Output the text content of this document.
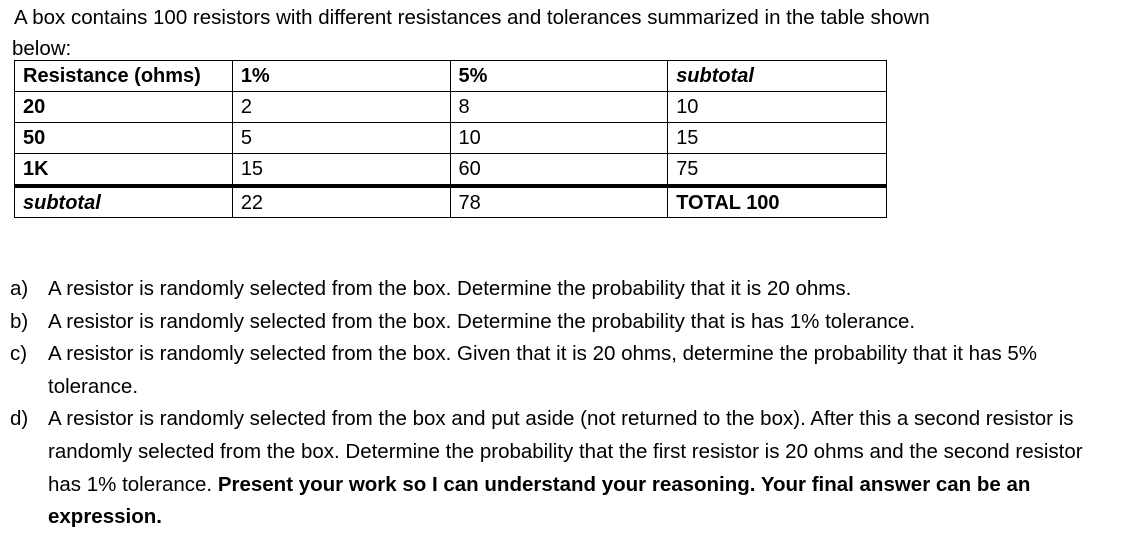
A box contains 100 resistors with different resistances and tolerances summarized in the table shown
below:
Resistance (ohms)	1%	5%	subtotal
20	2	8	10
50	5	10	15
1K	15	60	75
subtotal	22	78	TOTAL 100
a) A resistor is randomly selected from the box. Determine the probability that it is 20 ohms.
b) A resistor is randomly selected from the box. Determine the probability that is has 1% tolerance.
c)	A resistor is randomly selected from the box. Given that it is 20 ohms, determine the probability that it has 5% tolerance.
d) A resistor is randomly selected from the box and put aside (not returned to the box). After this a second resistor is randomly selected from the box. Determine the probability that the first resistor is 20 ohms and the second resistor has 1% tolerance. Present your work so I can understand your reasoning. Your final answer can be an expression.
